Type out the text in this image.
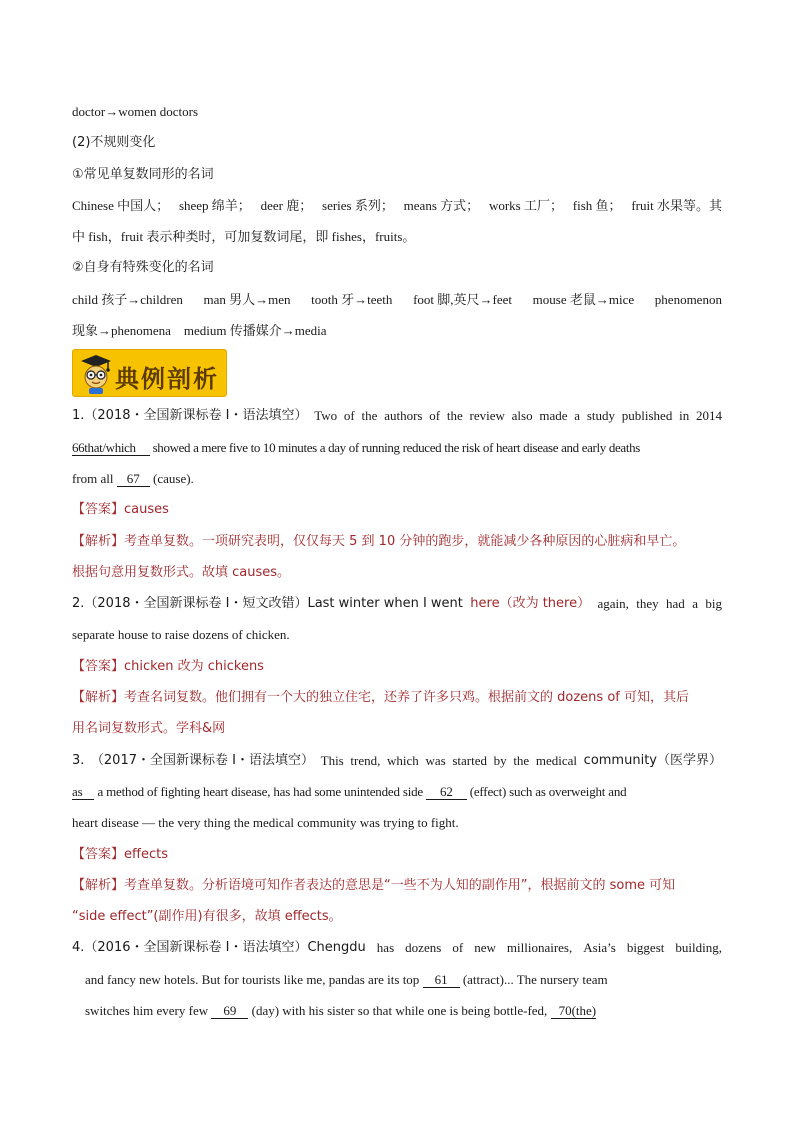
doctor→women doctors
(2)不规则变化
①常见单复数同形的名词
Chinese 中国人； sheep 绵羊； deer 鹿； series 系列； means 方式； works 工厂； fish 鱼； fruit 水果等。其
中 fish，fruit 表示种类时，可加复数词尾，即 fishes，fruits。
②自身有特殊变化的名词
child 孩子→children man 男人→men tooth 牙→teeth foot 脚,英尺→feet mouse 老鼠→mice phenomenon
现象→phenomena　medium 传播媒介→media
典例剖析
1.（2018・全国新课标卷 I・语法填空） Two of the authors of the review also made a study published in 2014
66that/which showed a mere five to 10 minutes a day of running reduced the risk of heart disease and early deaths
from all 67 (cause).
【答案】causes
【解析】考查单复数。一项研究表明，仅仅每天 5 到 10 分钟的跑步，就能减少各种原因的心脏病和早亡。
根据句意用复数形式。故填 causes。
2.（2018・全国新课标卷 I・短文改错）Last winter when I went here（改为 there） again, they had a big
separate house to raise dozens of chicken.
【答案】chicken 改为 chickens
【解析】考查名词复数。他们拥有一个大的独立住宅，还养了许多只鸡。根据前文的 dozens of 可知，其后
用名词复数形式。学科&网
3.　（2017・全国新课标卷 I・语法填空） This trend, which was started by the medical community（医学界）
as a method of fighting heart disease, has had some unintended side 62 (effect) such as overweight and
heart disease — the very thing the medical community was trying to fight.
【答案】effects
【解析】考查单复数。分析语境可知作者表达的意思是“一些不为人知的副作用”，根据前文的 some 可知
“side effect”(副作用)有很多，故填 effects。
4.（2016・全国新课标卷 I・语法填空）Chengdu has dozens of new millionaires, Asia’s biggest building,
and fancy new hotels. But for tourists like me, pandas are its top 61 (attract)... The nursery team
switches him every few 69 (day) with his sister so that while one is being bottle-fed, 70(the)
